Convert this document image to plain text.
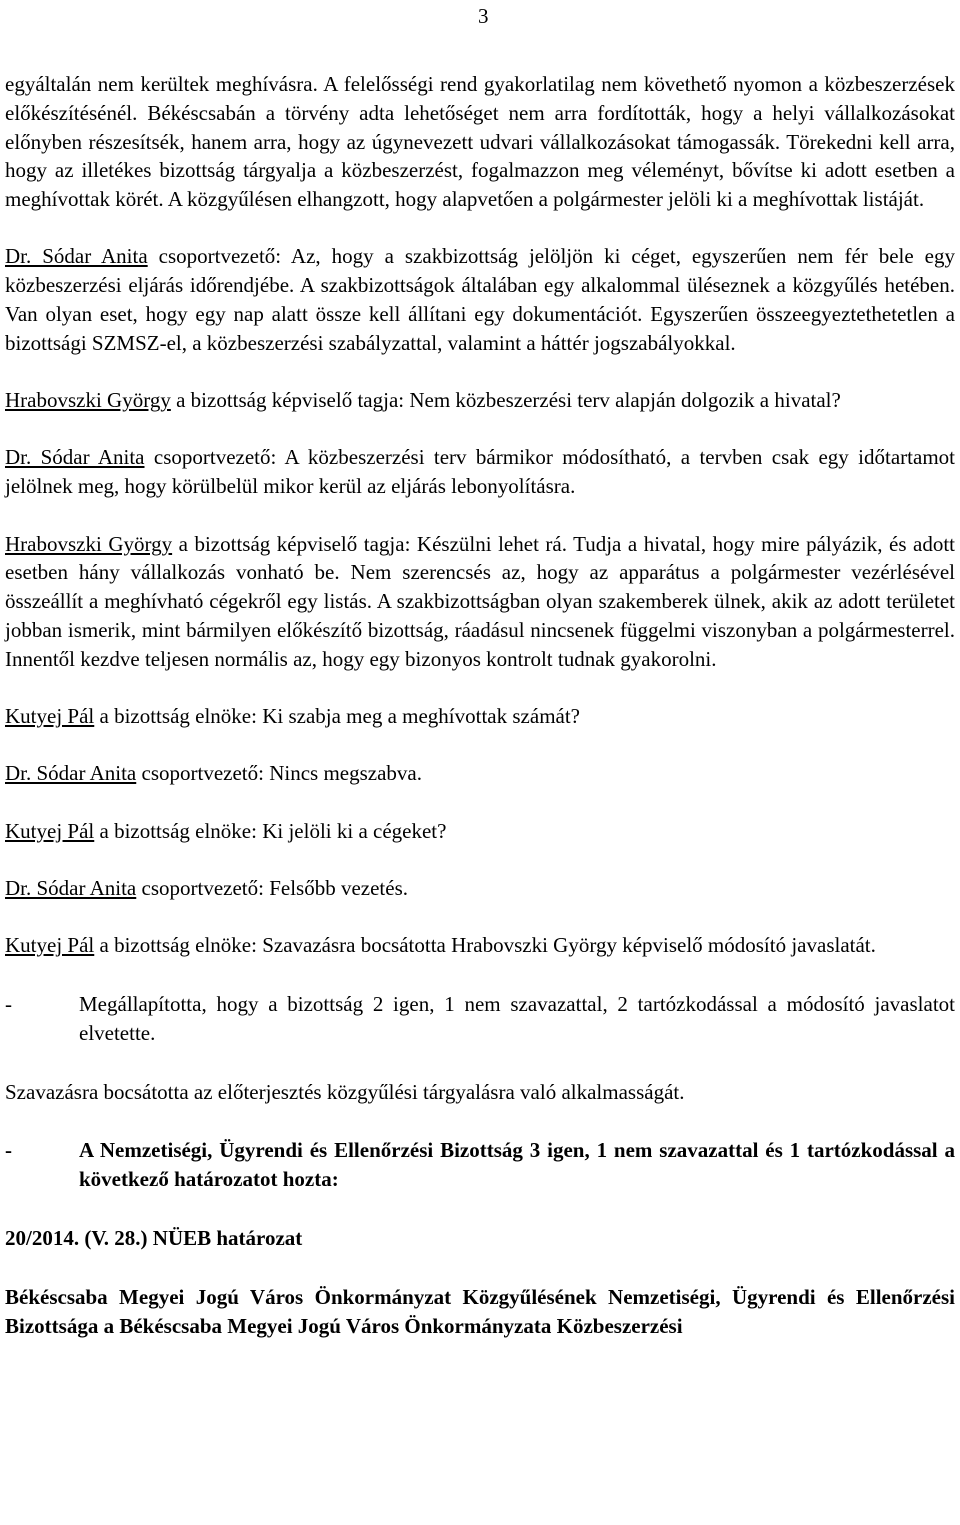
3

egyáltalán nem kerültek meghívásra. A felelősségi rend gyakorlatilag nem követhető nyomon a közbeszerzések előkészítésénél. Békéscsabán a törvény adta lehetőséget nem arra fordították, hogy a helyi vállalkozásokat előnyben részesítsék, hanem arra, hogy az úgynevezett udvari vállalkozásokat támogassák. Törekedni kell arra, hogy az illetékes bizottság tárgyalja a közbeszerzést, fogalmazzon meg véleményt, bővítse ki adott esetben a meghívottak körét. A közgyűlésen elhangzott, hogy alapvetően a polgármester jelöli ki a meghívottak listáját.

Dr. Sódar Anita csoportvezető: Az, hogy a szakbizottság jelöljön ki céget, egyszerűen nem fér bele egy közbeszerzési eljárás időrendjébe. A szakbizottságok általában egy alkalommal üléseznek a közgyűlés hetében. Van olyan eset, hogy egy nap alatt össze kell állítani egy dokumentációt. Egyszerűen összeegyeztethetetlen a bizottsági SZMSZ-el, a közbeszerzési szabályzattal, valamint a háttér jogszabályokkal.

Hrabovszki György a bizottság képviselő tagja: Nem közbeszerzési terv alapján dolgozik a hivatal?

Dr. Sódar Anita csoportvezető: A közbeszerzési terv bármikor módosítható, a tervben csak egy időtartamot jelölnek meg, hogy körülbelül mikor kerül az eljárás lebonyolításra.

Hrabovszki György a bizottság képviselő tagja: Készülni lehet rá. Tudja a hivatal, hogy mire pályázik, és adott esetben hány vállalkozás vonható be. Nem szerencsés az, hogy az apparátus a polgármester vezérlésével összeállít a meghívható cégekről egy listás. A szakbizottságban olyan szakemberek ülnek, akik az adott területet jobban ismerik, mint bármilyen előkészítő bizottság, ráadásul nincsenek függelmi viszonyban a polgármesterrel. Innentől kezdve teljesen normális az, hogy egy bizonyos kontrolt tudnak gyakorolni.

Kutyej Pál a bizottság elnöke: Ki szabja meg a meghívottak számát?

Dr. Sódar Anita csoportvezető: Nincs megszabva.

Kutyej Pál a bizottság elnöke: Ki jelöli ki a cégeket?

Dr. Sódar Anita csoportvezető: Felsőbb vezetés.

Kutyej Pál a bizottság elnöke: Szavazásra bocsátotta Hrabovszki György képviselő módosító javaslatát.

-	Megállapította, hogy a bizottság 2 igen, 1 nem szavazattal, 2 tartózkodással a módosító javaslatot elvetette.

Szavazásra bocsátotta az előterjesztés közgyűlési tárgyalásra való alkalmasságát.

-	A Nemzetiségi, Ügyrendi és Ellenőrzési Bizottság 3 igen, 1 nem szavazattal és 1 tartózkodással a következő határozatot hozta:

20/2014. (V. 28.) NÜEB határozat

Békéscsaba Megyei Jogú Város Önkormányzat Közgyűlésének Nemzetiségi, Ügyrendi és Ellenőrzési Bizottsága a Békéscsaba Megyei Jogú Város Önkormányzata Közbeszerzési
